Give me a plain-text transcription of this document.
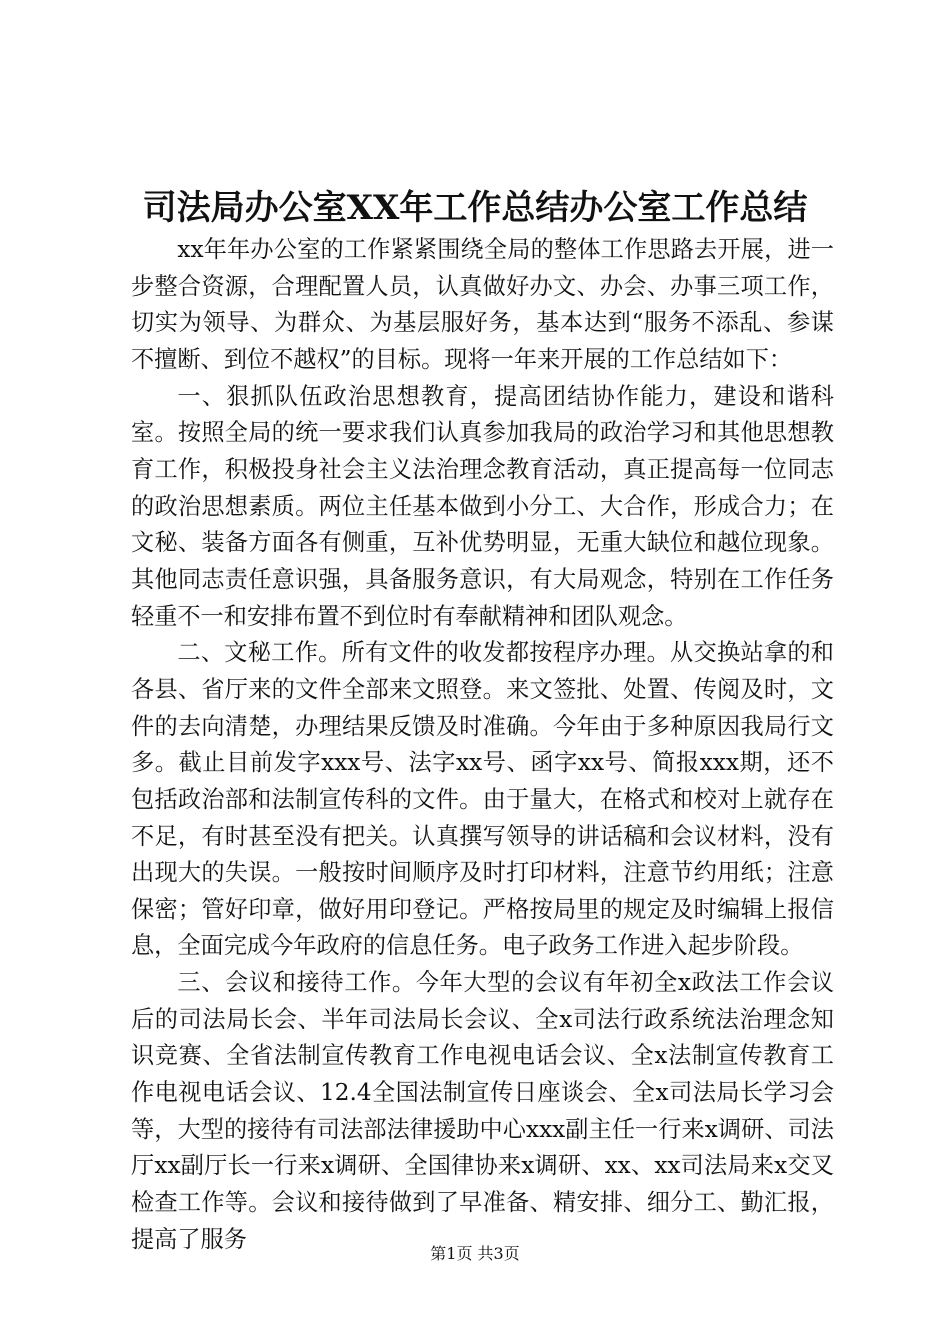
司法局办公室XX年工作总结办公室工作总结

xx年年办公室的工作紧紧围绕全局的整体工作思路去开展，进一步整合资源，合理配置人员，认真做好办文、办会、办事三项工作，切实为领导、为群众、为基层服好务，基本达到“服务不添乱、参谋不擅断、到位不越权”的目标。现将一年来开展的工作总结如下：

一、狠抓队伍政治思想教育，提高团结协作能力，建设和谐科室。按照全局的统一要求我们认真参加我局的政治学习和其他思想教育工作，积极投身社会主义法治理念教育活动，真正提高每一位同志的政治思想素质。两位主任基本做到小分工、大合作，形成合力；在文秘、装备方面各有侧重，互补优势明显，无重大缺位和越位现象。其他同志责任意识强，具备服务意识，有大局观念，特别在工作任务轻重不一和安排布置不到位时有奉献精神和团队观念。

二、文秘工作。所有文件的收发都按程序办理。从交换站拿的和各县、省厅来的文件全部来文照登。来文签批、处置、传阅及时，文件的去向清楚，办理结果反馈及时准确。今年由于多种原因我局行文多。截止目前发字xxx号、法字xx号、函字xx号、简报xxx期，还不包括政治部和法制宣传科的文件。由于量大，在格式和校对上就存在不足，有时甚至没有把关。认真撰写领导的讲话稿和会议材料，没有出现大的失误。一般按时间顺序及时打印材料，注意节约用纸；注意保密；管好印章，做好用印登记。严格按局里的规定及时编辑上报信息，全面完成今年政府的信息任务。电子政务工作进入起步阶段。

三、会议和接待工作。今年大型的会议有年初全x政法工作会议后的司法局长会、半年司法局长会议、全x司法行政系统法治理念知识竞赛、全省法制宣传教育工作电视电话会议、全x法制宣传教育工作电视电话会议、12.4全国法制宣传日座谈会、全x司法局长学习会等，大型的接待有司法部法律援助中心xxx副主任一行来x调研、司法厅xx副厅长一行来x调研、全国律协来x调研、xx、xx司法局来x交叉检查工作等。会议和接待做到了早准备、精安排、细分工、勤汇报，提高了服务

第1页 共3页
